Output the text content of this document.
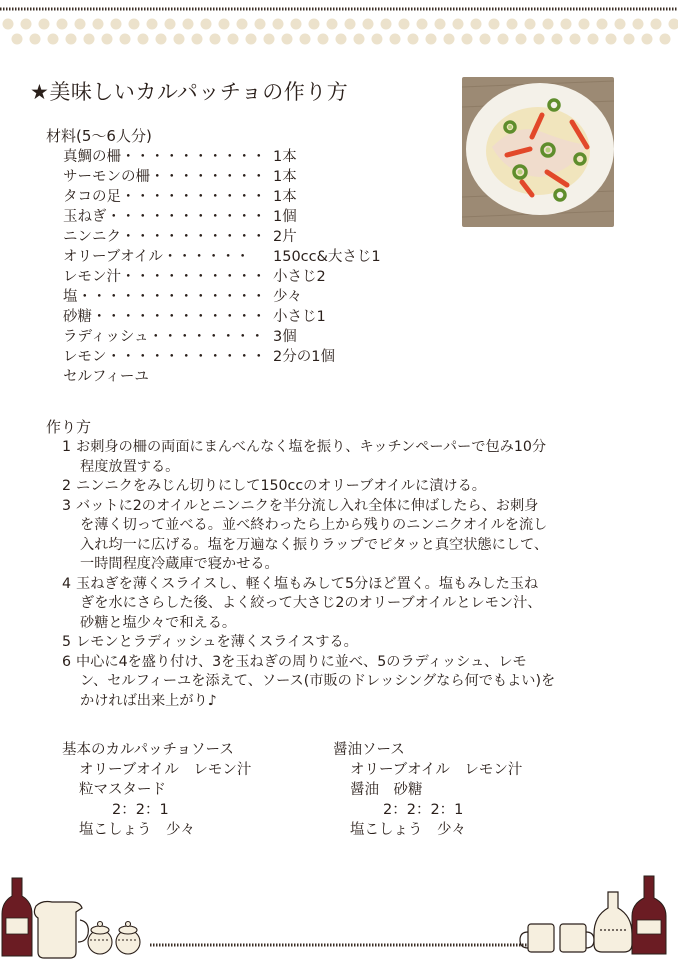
★美味しいカルパッチョの作り方
材料(5～6人分)
真鯛の柵・・・・・・・・・・ 1本
サーモンの柵・・・・・・・・ 1本
タコの足・・・・・・・・・・ 1本
玉ねぎ・・・・・・・・・・・ 1個
ニンニク・・・・・・・・・・ 2片
オリーブオイル・・・・・・ 150cc&大さじ1
レモン汁・・・・・・・・・・ 小さじ2
塩・・・・・・・・・・・・・ 少々
砂糖・・・・・・・・・・・・ 小さじ1
ラディッシュ・・・・・・・・ 3個
レモン・・・・・・・・・・・ 2分の1個
セルフィーユ
作り方
1 お刺身の柵の両面にまんべんなく塩を振り、キッチンペーパーで包み10分
程度放置する。
2 ニンニクをみじん切りにして150ccのオリーブオイルに漬ける。
3 バットに2のオイルとニンニクを半分流し入れ全体に伸ばしたら、お刺身
を薄く切って並べる。並べ終わったら上から残りのニンニクオイルを流し
入れ均一に広げる。塩を万遍なく振りラップでピタッと真空状態にして、
一時間程度冷蔵庫で寝かせる。
4 玉ねぎを薄くスライスし、軽く塩もみして5分ほど置く。塩もみした玉ね
ぎを水にさらした後、よく絞って大さじ2のオリーブオイルとレモン汁、
砂糖と塩少々で和える。
5 レモンとラディッシュを薄くスライスする。
6 中心に4を盛り付け、3を玉ねぎの周りに並べ、5のラディッシュ、レモ
ン、セルフィーユを添えて、ソース(市販のドレッシングなら何でもよい)を
かければ出来上がり♪
基本のカルパッチョソース
オリーブオイル　レモン汁
粒マスタード
2：2：1
塩こしょう　少々
醤油ソース
オリーブオイル　レモン汁
醤油　砂糖
2：2：2：1
塩こしょう　少々
